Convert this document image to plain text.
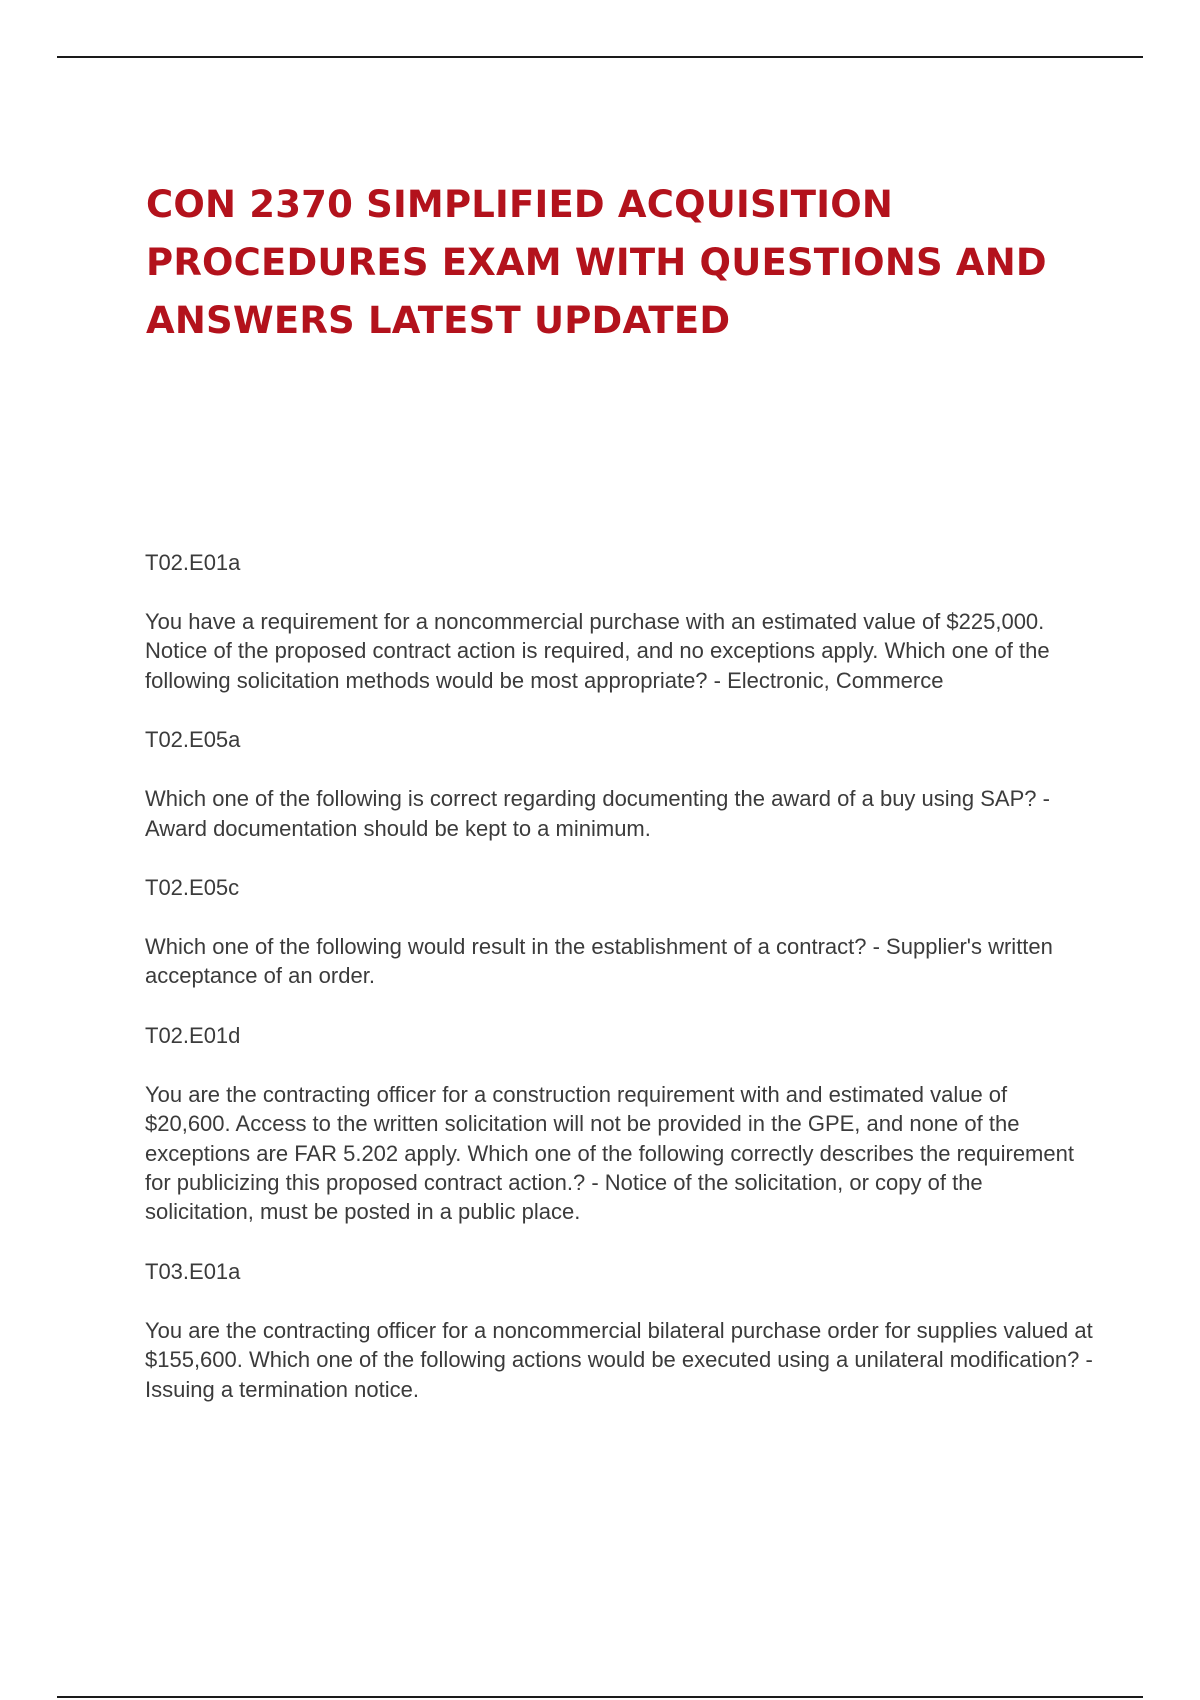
CON 2370 SIMPLIFIED ACQUISITION PROCEDURES EXAM WITH QUESTIONS AND ANSWERS LATEST UPDATED

T02.E01a

You have a requirement for a noncommercial purchase with an estimated value of $225,000. Notice of the proposed contract action is required, and no exceptions apply. Which one of the following solicitation methods would be most appropriate? - Electronic, Commerce

T02.E05a

Which one of the following is correct regarding documenting the award of a buy using SAP? - Award documentation should be kept to a minimum.

T02.E05c

Which one of the following would result in the establishment of a contract? - Supplier's written acceptance of an order.

T02.E01d

You are the contracting officer for a construction requirement with and estimated value of $20,600. Access to the written solicitation will not be provided in the GPE, and none of the exceptions are FAR 5.202 apply. Which one of the following correctly describes the requirement for publicizing this proposed contract action.? - Notice of the solicitation, or copy of the solicitation, must be posted in a public place.

T03.E01a

You are the contracting officer for a noncommercial bilateral purchase order for supplies valued at $155,600. Which one of the following actions would be executed using a unilateral modification? - Issuing a termination notice.
